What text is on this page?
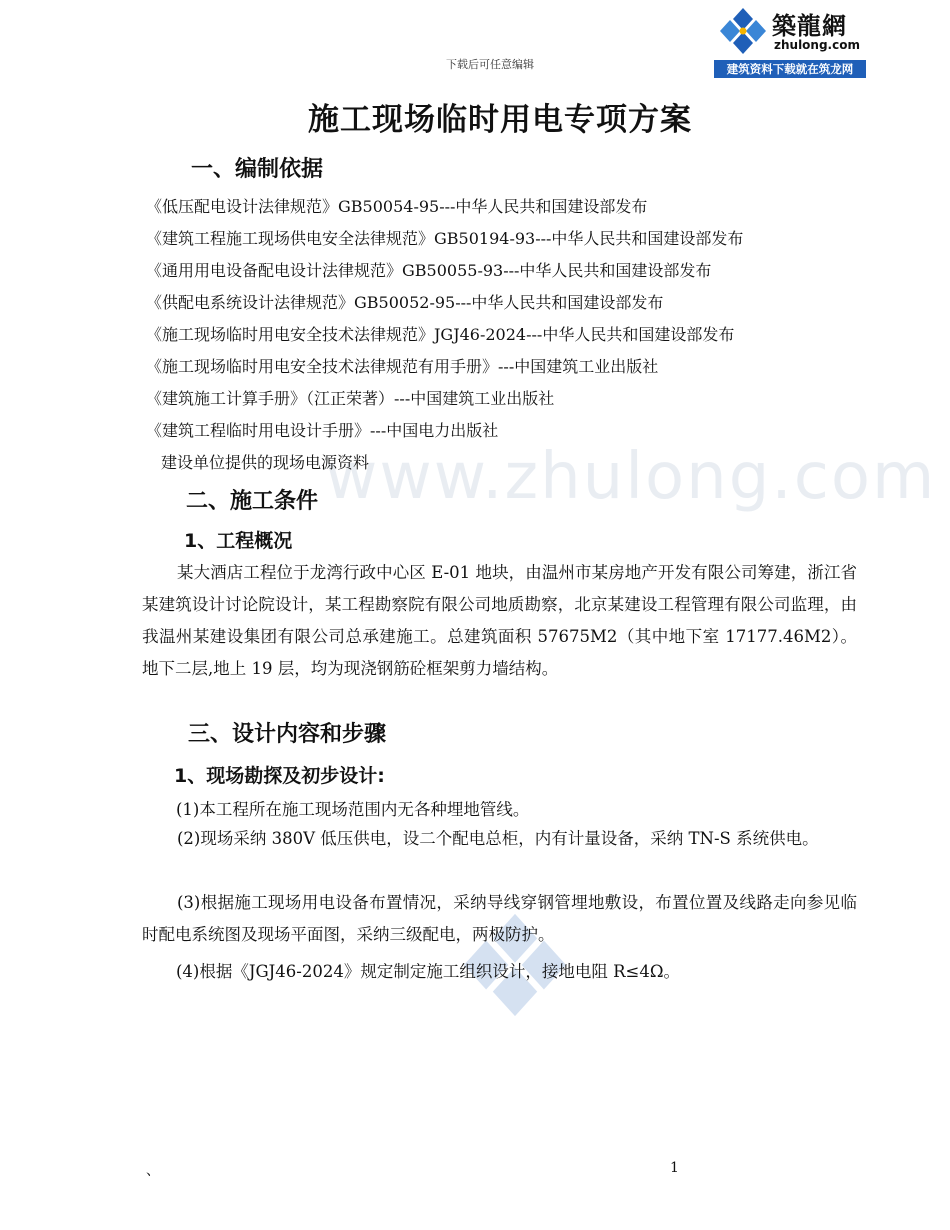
下载后可任意编辑
築龍網
zhulong.com
建筑资料下载就在筑龙网
www.zhulong.com
施工现场临时用电专项方案
一、编制依据
《低压配电设计法律规范》GB50054-95---中华人民共和国建设部发布
《建筑工程施工现场供电安全法律规范》GB50194-93---中华人民共和国建设部发布
《通用用电设备配电设计法律规范》GB50055-93---中华人民共和国建设部发布
《供配电系统设计法律规范》GB50052-95---中华人民共和国建设部发布
《施工现场临时用电安全技术法律规范》JGJ46-2024---中华人民共和国建设部发布
《施工现场临时用电安全技术法律规范有用手册》---中国建筑工业出版社
《建筑施工计算手册》（江正荣著）---中国建筑工业出版社
《建筑工程临时用电设计手册》---中国电力出版社
建设单位提供的现场电源资料
二、施工条件
1、工程概况
某大酒店工程位于龙湾行政中心区 E-01 地块，由温州市某房地产开发有限公司筹建，浙江省某建筑设计讨论院设计，某工程勘察院有限公司地质勘察，北京某建设工程管理有限公司监理，由我温州某建设集团有限公司总承建施工。总建筑面积 57675M2（其中地下室 17177.46M2）。地下二层,地上 19 层，均为现浇钢筋砼框架剪力墙结构。
三、设计内容和步骤
1、现场勘探及初步设计:
(1)本工程所在施工现场范围内无各种埋地管线。
(2)现场采纳 380V 低压供电，设二个配电总柜，内有计量设备，采纳 TN-S 系统供电。
(3)根据施工现场用电设备布置情况，采纳导线穿钢管埋地敷设，布置位置及线路走向参见临时配电系统图及现场平面图，采纳三级配电，两极防护。
(4)根据《JGJ46-2024》规定制定施工组织设计，接地电阻 R≤4Ω。
、	1
